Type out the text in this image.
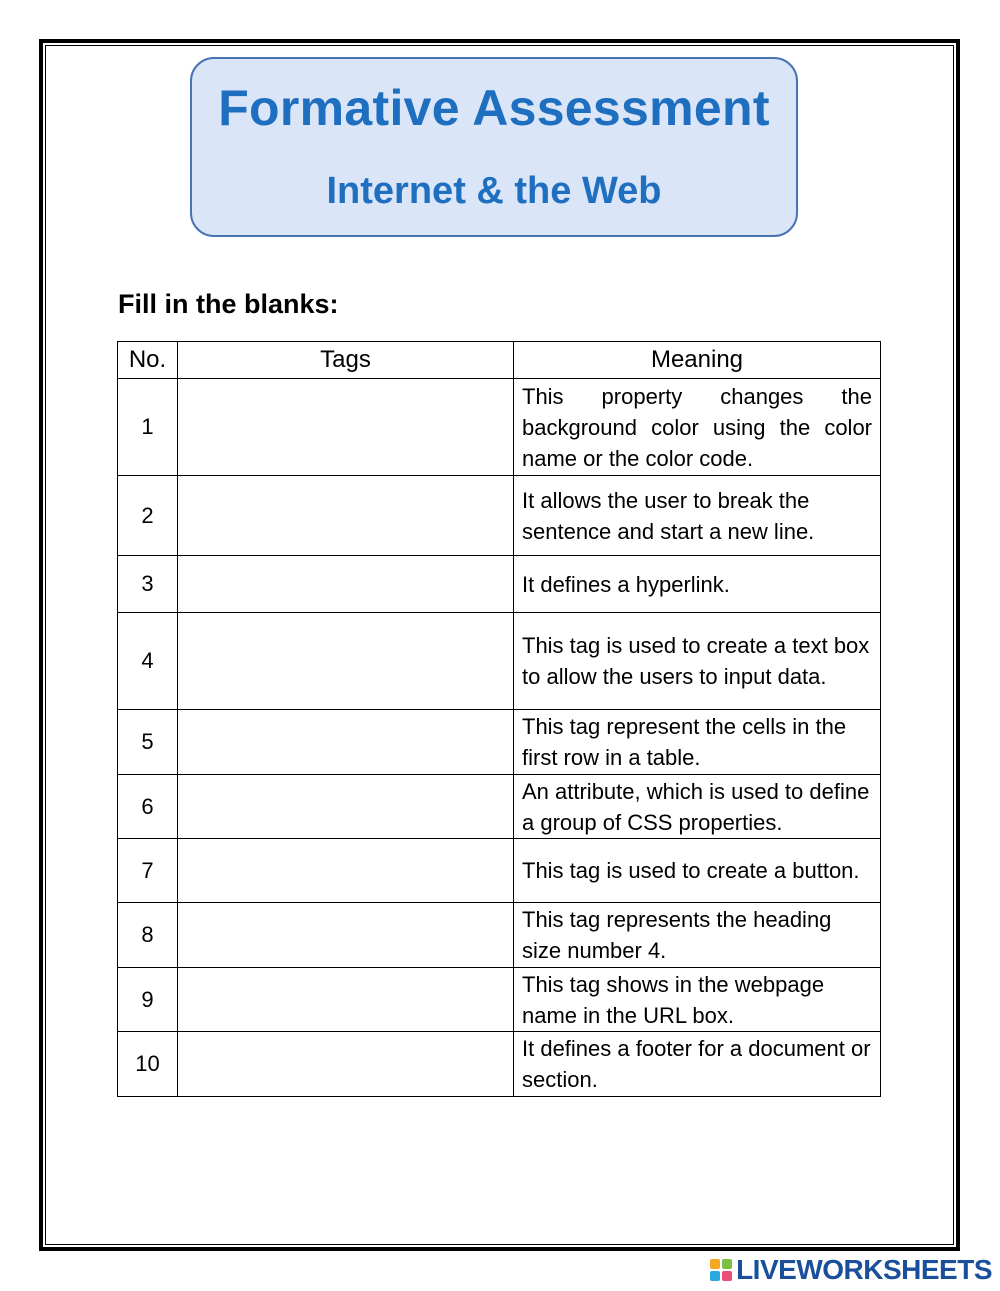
Formative Assessment
Internet & the Web
Fill in the blanks:
No.	Tags	Meaning
1		This property changes the background color using the color name or the color code.
2		It allows the user to break the sentence and start a new line.
3		It defines a hyperlink.
4		This tag is used to create a text box to allow the users to input data.
5		This tag represent the cells in the first row in a table.
6		An attribute, which is used to define a group of CSS properties.
7		This tag is used to create a button.
8		This tag represents the heading size number 4.
9		This tag shows in the webpage name in the URL box.
10		It defines a footer for a document or section.
LIVEWORKSHEETS
